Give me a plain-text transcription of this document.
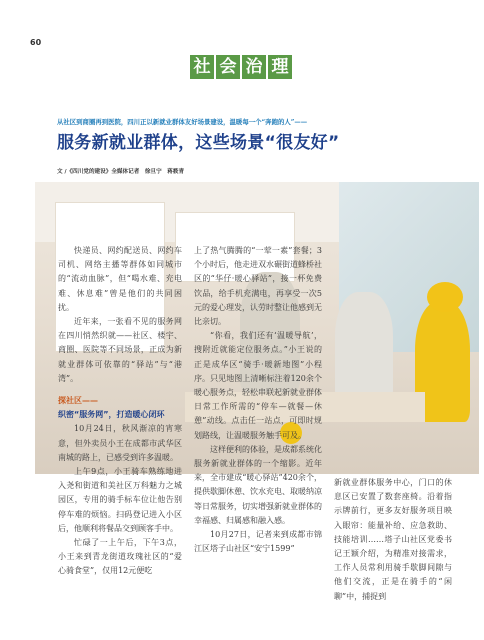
60
社 会 治 理
从社区到商圈再到医院，四川正以新就业群体友好场景建设，温暖每一个“奔跑的人”——
服务新就业群体，这些场景“很友好”
文 /《四川党的建设》全媒体记者　徐旦宁　蒋筱青

快递员、网约配送员、网约车司机、网络主播等群体如同城市的“流动血脉”，但“喝水难、充电难、休息难”曾是他们的共同困扰。

近年来，一张看不见的服务网在四川悄然织就——社区、楼宇、商圈、医院等不同场景，正成为新就业群体可依靠的“驿站”与“港湾”。

探社区——

织密“服务网”，打造暖心闭环

10月24日，秋风渐凉的宵寒意，但外卖员小王在成都市武华区南城的路上，已感受到许多温暖。

上午9点，小王骑车熟练地进入尧和街道和美社区万科魅力之城园区，专用的骑手标车位让他告别停车难的烦恼。扫码登记进入小区后，他顺利将餐品交到顾客手中。

忙碌了一上午后，下午3点，小王来到青龙街道玫瑰社区的“爱心骑食堂”，仅用12元便吃

上了热气腾腾的“一荤一素”套餐；3个小时后，他走进双水碾街道蜂桥社区的“华仔·暖心驿站”，接一杯免费饮品，给手机充满电，再享受一次5元的爱心理发，认劳时整让他感到无比亲切。

“你看，我们还有‘温暖导航’，搜附近就能定位服务点。”小王说的正是成华区“骑手·暖新地图”小程序。只见地图上清晰标注着120余个暖心服务点，轻松串联起新就业群体日常工作所需的“停车—就餐—休憩”动线。点击任一站点，可即时规划路线，让温暖服务触手可及。

这样便利的体验，是成都系统化服务新就业群体的一个缩影。近年来，全市建成“暖心驿站”420余个，提供歇脚休憩、饮水充电、取暖纳凉等日常服务，切实增强新就业群体的幸福感、归属感和融入感。

10月27日，记者来到成都市锦江区塔子山社区“安宁1599”

新就业群体服务中心，门口的休息区已安置了数套座椅。沿着指示牌前行，更多友好服务项目映入眼帘：能量补给、应急救助、技能培训……塔子山社区党委书记王颖介绍，为精准对接需求，工作人员常利用骑手歇脚间隙与他们交流，正是在骑手的“闲聊”中，捕捉到
